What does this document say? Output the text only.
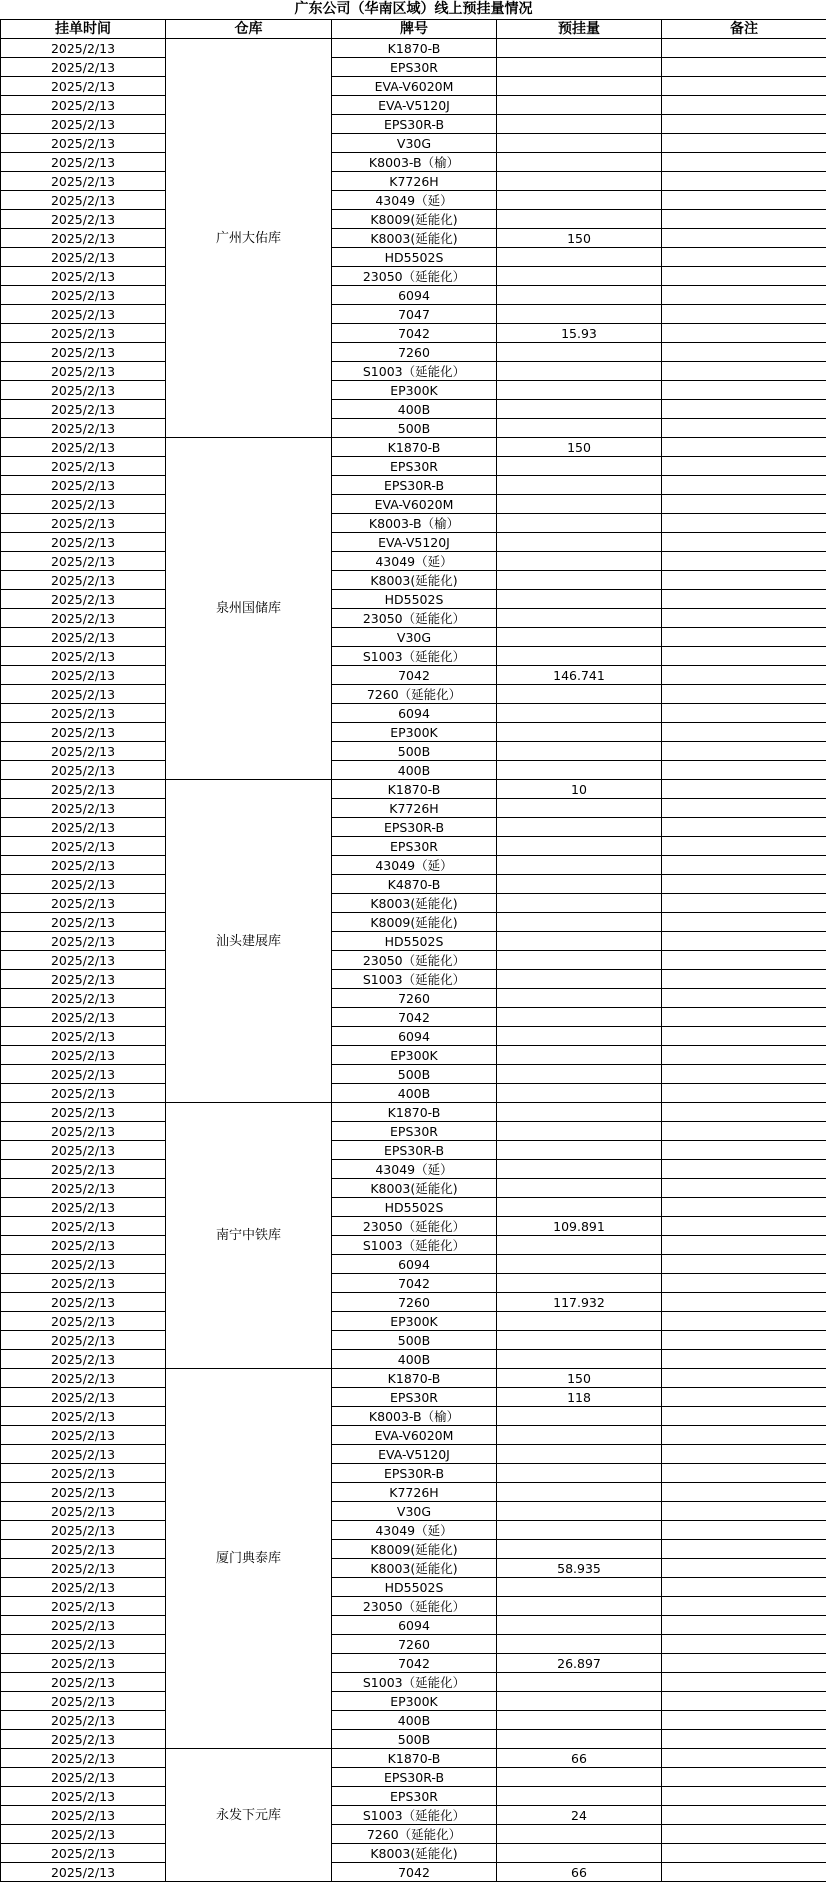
广东公司（华南区域）线上预挂量情况				
挂单时间	仓库	牌号	预挂量	备注
2025/2/13	广州大佑库	K1870-B		
2025/2/13		EPS30R		
2025/2/13		EVA-V6020M		
2025/2/13		EVA-V5120J		
2025/2/13		EPS30R-B		
2025/2/13		V30G		
2025/2/13		K8003-B（榆）		
2025/2/13		K7726H		
2025/2/13		43049（延）		
2025/2/13		K8009(延能化)		
2025/2/13		K8003(延能化)	150	
2025/2/13		HD5502S		
2025/2/13		23050（延能化）		
2025/2/13		6094		
2025/2/13		7047		
2025/2/13		7042	15.93	
2025/2/13		7260		
2025/2/13		S1003（延能化）		
2025/2/13		EP300K		
2025/2/13		400B		
2025/2/13		500B		
2025/2/13	泉州国储库	K1870-B	150	
2025/2/13		EPS30R		
2025/2/13		EPS30R-B		
2025/2/13		EVA-V6020M		
2025/2/13		K8003-B（榆）		
2025/2/13		EVA-V5120J		
2025/2/13		43049（延）		
2025/2/13		K8003(延能化)		
2025/2/13		HD5502S		
2025/2/13		23050（延能化）		
2025/2/13		V30G		
2025/2/13		S1003（延能化）		
2025/2/13		7042	146.741	
2025/2/13		7260（延能化）		
2025/2/13		6094		
2025/2/13		EP300K		
2025/2/13		500B		
2025/2/13		400B		
2025/2/13	汕头建展库	K1870-B	10	
2025/2/13		K7726H		
2025/2/13		EPS30R-B		
2025/2/13		EPS30R		
2025/2/13		43049（延）		
2025/2/13		K4870-B		
2025/2/13		K8003(延能化)		
2025/2/13		K8009(延能化)		
2025/2/13		HD5502S		
2025/2/13		23050（延能化）		
2025/2/13		S1003（延能化）		
2025/2/13		7260		
2025/2/13		7042		
2025/2/13		6094		
2025/2/13		EP300K		
2025/2/13		500B		
2025/2/13		400B		
2025/2/13	南宁中铁库	K1870-B		
2025/2/13		EPS30R		
2025/2/13		EPS30R-B		
2025/2/13		43049（延）		
2025/2/13		K8003(延能化)		
2025/2/13		HD5502S		
2025/2/13		23050（延能化）	109.891	
2025/2/13		S1003（延能化）		
2025/2/13		6094		
2025/2/13		7042		
2025/2/13		7260	117.932	
2025/2/13		EP300K		
2025/2/13		500B		
2025/2/13		400B		
2025/2/13	厦门典泰库	K1870-B	150	
2025/2/13		EPS30R	118	
2025/2/13		K8003-B（榆）		
2025/2/13		EVA-V6020M		
2025/2/13		EVA-V5120J		
2025/2/13		EPS30R-B		
2025/2/13		K7726H		
2025/2/13		V30G		
2025/2/13		43049（延）		
2025/2/13		K8009(延能化)		
2025/2/13		K8003(延能化)	58.935	
2025/2/13		HD5502S		
2025/2/13		23050（延能化）		
2025/2/13		6094		
2025/2/13		7260		
2025/2/13		7042	26.897	
2025/2/13		S1003（延能化）		
2025/2/13		EP300K		
2025/2/13		400B		
2025/2/13		500B		
2025/2/13	永发下元库	K1870-B	66	
2025/2/13		EPS30R-B		
2025/2/13		EPS30R		
2025/2/13		S1003（延能化）	24	
2025/2/13		7260（延能化）		
2025/2/13		K8003(延能化)		
2025/2/13		7042	66	
